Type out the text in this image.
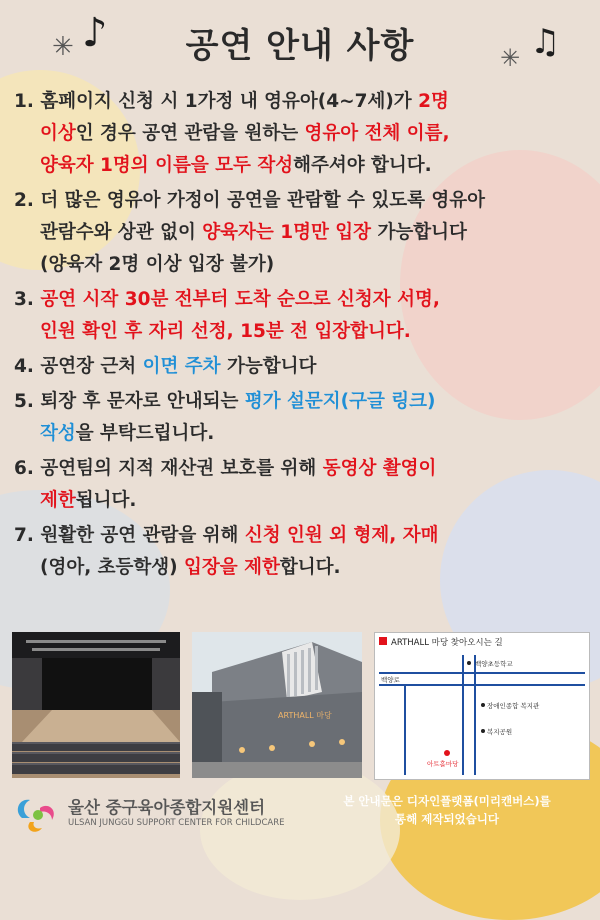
♪	♫
✳	✳
공연 안내 사항
1. 홈페이지 신청 시 1가정 내 영유아(4~7세)가 2명
이상인 경우 공연 관람을 원하는 영유아 전체 이름,
양육자 1명의 이름을 모두 작성해주셔야 합니다.
2. 더 많은 영유아 가정이 공연을 관람할 수 있도록 영유아
관람수와 상관 없이 양육자는 1명만 입장 가능합니다
(양육자 2명 이상 입장 불가)
3. 공연 시작 30분 전부터 도착 순으로 신청자 서명,
인원 확인 후 자리 선정, 15분 전 입장합니다.
4. 공연장 근처 이면 주차 가능합니다
5. 퇴장 후 문자로 안내되는 평가 설문지(구글 링크)
작성을 부탁드립니다.
6. 공연팀의 지적 재산권 보호를 위해 동영상 촬영이
제한됩니다.
7. 원활한 공연 관람을 위해 신청 인원 외 형제, 자매
(영아, 초등학생) 입장을 제한합니다.
ARTHALL 마당
ARTHALL 마당 찾아오시는 길
백양초등학교
백양로
장애인종합 복지관
복지공원
아트홀마당
울산 중구육아종합지원센터
ULSAN JUNGGU SUPPORT CENTER FOR CHILDCARE
본 안내문은 디자인플랫폼(미리캔버스)를
통해 제작되었습니다
